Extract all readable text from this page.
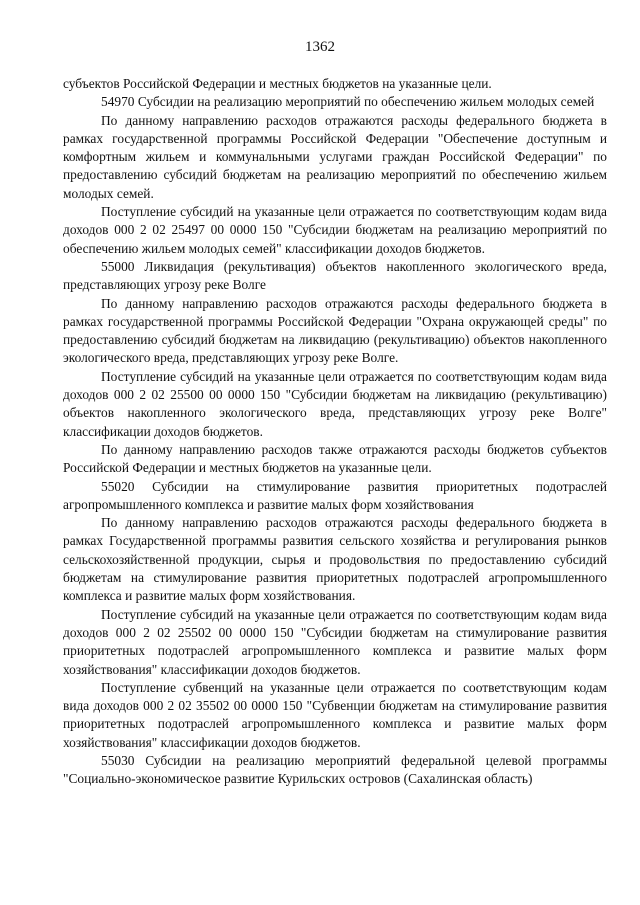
1362

субъектов Российской Федерации и местных бюджетов на указанные цели.

54970 Субсидии на реализацию мероприятий по обеспечению жильем молодых семей

По данному направлению расходов отражаются расходы федерального бюджета в рамках государственной программы Российской Федерации "Обеспечение доступным и комфортным жильем и коммунальными услугами граждан Российской Федерации" по предоставлению субсидий бюджетам на реализацию мероприятий по обеспечению жильем молодых семей.

Поступление субсидий на указанные цели отражается по соответствующим кодам вида доходов 000 2 02 25497 00 0000 150 "Субсидии бюджетам на реализацию мероприятий по обеспечению жильем молодых семей" классификации доходов бюджетов.

55000 Ликвидация (рекультивация) объектов накопленного экологического вреда, представляющих угрозу реке Волге

По данному направлению расходов отражаются расходы федерального бюджета в рамках государственной программы Российской Федерации "Охрана окружающей среды" по предоставлению субсидий бюджетам на ликвидацию (рекультивацию) объектов накопленного экологического вреда, представляющих угрозу реке Волге.

Поступление субсидий на указанные цели отражается по соответствующим кодам вида доходов 000 2 02 25500 00 0000 150 "Субсидии бюджетам на ликвидацию (рекультивацию) объектов накопленного экологического вреда, представляющих угрозу реке Волге" классификации доходов бюджетов.

По данному направлению расходов также отражаются расходы бюджетов субъектов Российской Федерации и местных бюджетов на указанные цели.

55020 Субсидии на стимулирование развития приоритетных подотраслей агропромышленного комплекса и развитие малых форм хозяйствования

По данному направлению расходов отражаются расходы федерального бюджета в рамках Государственной программы развития сельского хозяйства и регулирования рынков сельскохозяйственной продукции, сырья и продовольствия по предоставлению субсидий бюджетам на стимулирование развития приоритетных подотраслей агропромышленного комплекса и развитие малых форм хозяйствования.

Поступление субсидий на указанные цели отражается по соответствующим кодам вида доходов 000 2 02 25502 00 0000 150 "Субсидии бюджетам на стимулирование развития приоритетных подотраслей агропромышленного комплекса и развитие малых форм хозяйствования" классификации доходов бюджетов.

Поступление субвенций на указанные цели отражается по соответствующим кодам вида доходов 000 2 02 35502 00 0000 150 "Субвенции бюджетам на стимулирование развития приоритетных подотраслей агропромышленного комплекса и развитие малых форм хозяйствования" классификации доходов бюджетов.

55030 Субсидии на реализацию мероприятий федеральной целевой программы "Социально-экономическое развитие Курильских островов (Сахалинская область)
